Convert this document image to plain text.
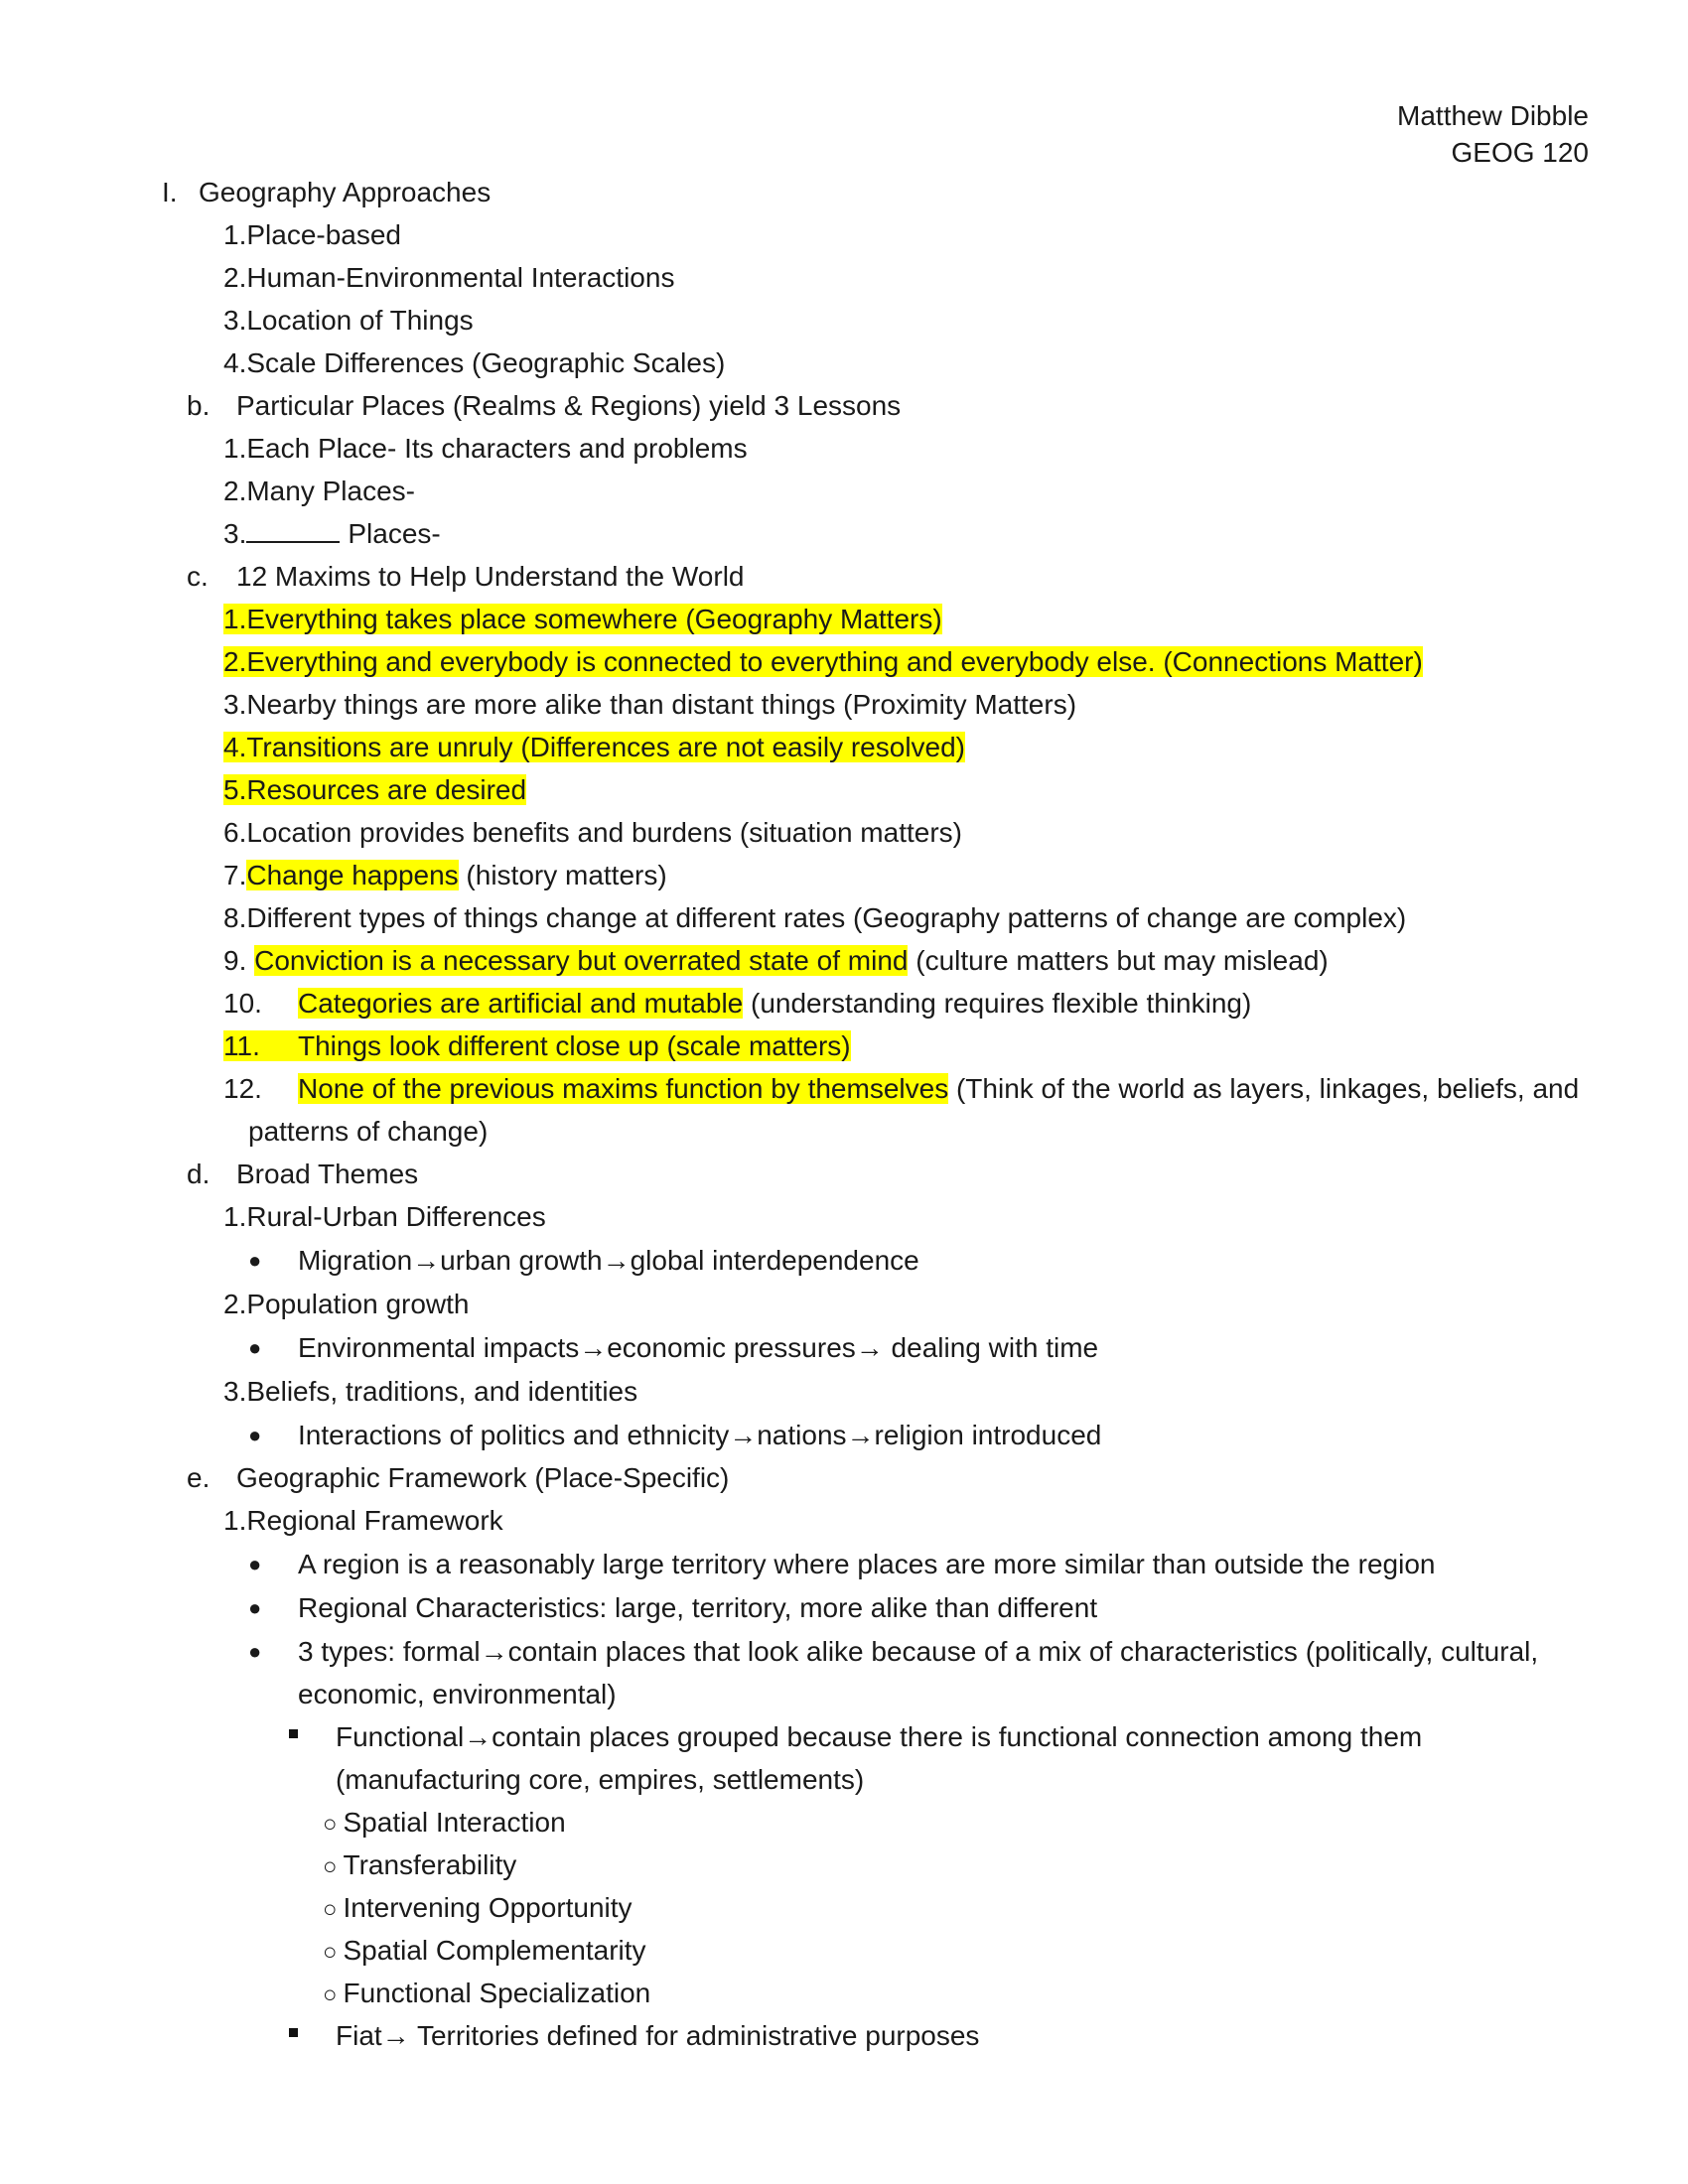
Matthew Dibble
GEOG 120
I. Geography Approaches
1.Place-based
2.Human-Environmental Interactions
3.Location of Things
4.Scale Differences (Geographic Scales)
b. Particular Places (Realms & Regions) yield 3 Lessons
1.Each Place- Its characters and problems
2.Many Places-
3.	Places-
c. 12 Maxims to Help Understand the World
1.Everything takes place somewhere (Geography Matters)
2.Everything and everybody is connected to everything and everybody else. (Connections Matter)
3.Nearby things are more alike than distant things (Proximity Matters)
4.Transitions are unruly (Differences are not easily resolved)
5.Resources are desired
6.Location provides benefits and burdens (situation matters)
7.Change happens (history matters)
8.Different types of things change at different rates (Geography patterns of change are complex)
9. Conviction is a necessary but overrated state of mind (culture matters but may mislead)
10. Categories are artificial and mutable (understanding requires flexible thinking)
11. Things look different close up (scale matters)
12. None of the previous maxims function by themselves (Think of the world as layers, linkages, beliefs, and
patterns of change)
d. Broad Themes
1.Rural-Urban Differences
● Migration→urban growth→global interdependence
2.Population growth
● Environmental impacts→economic pressures→ dealing with time
3.Beliefs, traditions, and identities
● Interactions of politics and ethnicity→nations→religion introduced
e. Geographic Framework (Place-Specific)
1.Regional Framework
● A region is a reasonably large territory where places are more similar than outside the region
● Regional Characteristics: large, territory, more alike than different
● 3 types: formal→contain places that look alike because of a mix of characteristics (politically, cultural,
economic, environmental)
Functional→contain places grouped because there is functional connection among them
(manufacturing core, empires, settlements)
○ Spatial Interaction
○ Transferability
○ Intervening Opportunity
○ Spatial Complementarity
○ Functional Specialization
Fiat→ Territories defined for administrative purposes
